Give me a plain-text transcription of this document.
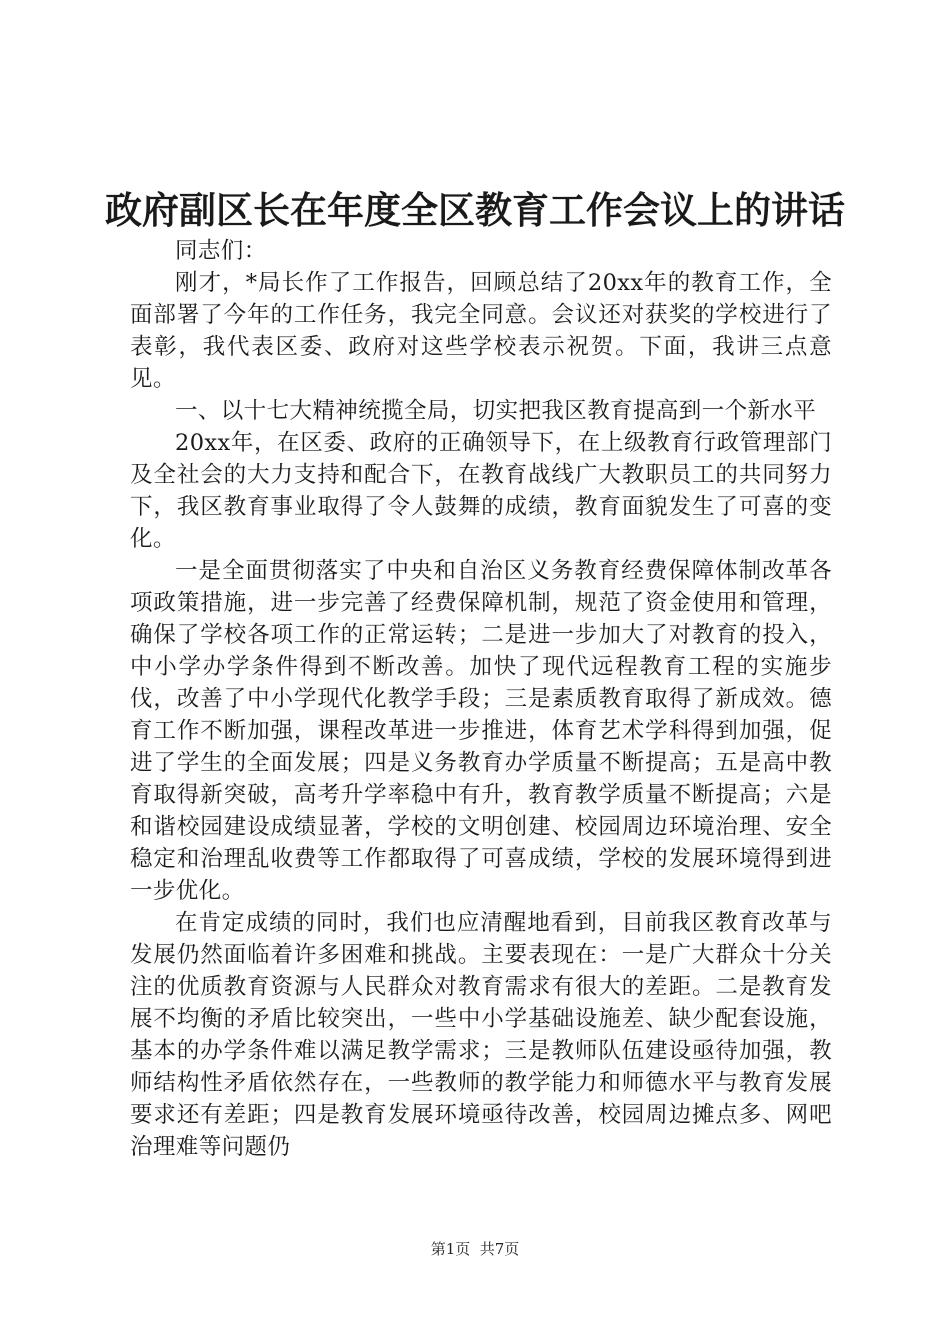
政府副区长在年度全区教育工作会议上的讲话

同志们：

刚才，*局长作了工作报告，回顾总结了20xx年的教育工作，全面部署了今年的工作任务，我完全同意。会议还对获奖的学校进行了表彰，我代表区委、政府对这些学校表示祝贺。下面，我讲三点意见。

一、以十七大精神统揽全局，切实把我区教育提高到一个新水平

20xx年，在区委、政府的正确领导下，在上级教育行政管理部门及全社会的大力支持和配合下，在教育战线广大教职员工的共同努力下，我区教育事业取得了令人鼓舞的成绩，教育面貌发生了可喜的变化。

一是全面贯彻落实了中央和自治区义务教育经费保障体制改革各项政策措施，进一步完善了经费保障机制，规范了资金使用和管理，确保了学校各项工作的正常运转；二是进一步加大了对教育的投入，中小学办学条件得到不断改善。加快了现代远程教育工程的实施步伐，改善了中小学现代化教学手段；三是素质教育取得了新成效。德育工作不断加强，课程改革进一步推进，体育艺术学科得到加强，促进了学生的全面发展；四是义务教育办学质量不断提高；五是高中教育取得新突破，高考升学率稳中有升，教育教学质量不断提高；六是和谐校园建设成绩显著，学校的文明创建、校园周边环境治理、安全稳定和治理乱收费等工作都取得了可喜成绩，学校的发展环境得到进一步优化。

在肯定成绩的同时，我们也应清醒地看到，目前我区教育改革与发展仍然面临着许多困难和挑战。主要表现在：一是广大群众十分关注的优质教育资源与人民群众对教育需求有很大的差距。二是教育发展不均衡的矛盾比较突出，一些中小学基础设施差、缺少配套设施，基本的办学条件难以满足教学需求；三是教师队伍建设亟待加强，教师结构性矛盾依然存在，一些教师的教学能力和师德水平与教育发展要求还有差距；四是教育发展环境亟待改善，校园周边摊点多、网吧治理难等问题仍

第1页  共7页
